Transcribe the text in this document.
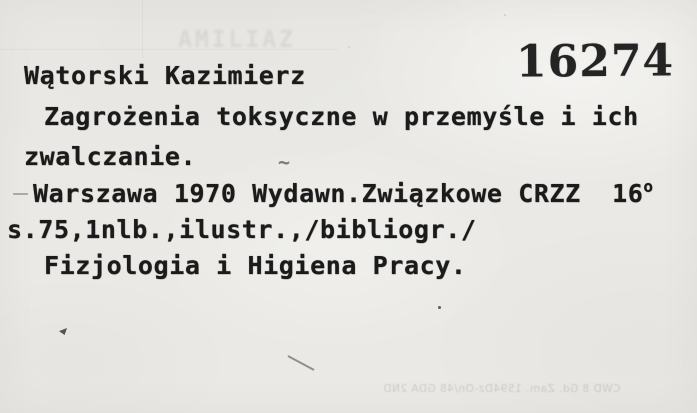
AMILIAZ	16274
Wątorski Kazimierz
Zagrożenia toksyczne w przemyśle i ich
zwalczanie.
Warszawa 1970 Wydawn.Związkowe CRZZ  16$^o$
s.75,1nlb.,ilustr.,/bibliogr./
Fizjologia i Higiena Pracy.
~
CWD 8 Gd. Zam. 1594Dz-On/48 GDA 2ND
